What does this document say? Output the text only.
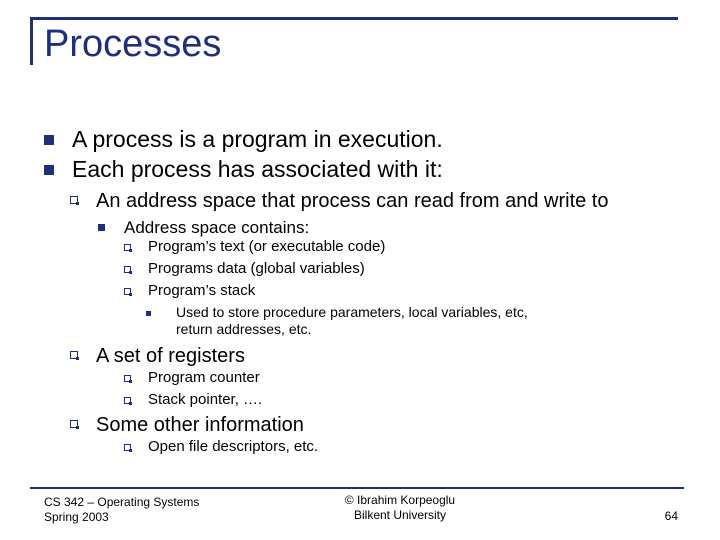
Processes
A process is a program in execution.
Each process has associated with it:
An address space that process can read from and write to
Address space contains:
Program’s text (or executable code)
Programs data (global variables)
Program’s stack
Used to store procedure parameters, local variables, etc,
return addresses, etc.
A set of registers
Program counter
Stack pointer, ….
Some other information
Open file descriptors, etc.
CS 342 – Operating Systems
Spring 2003
© Ibrahim Korpeoglu
Bilkent University	64
